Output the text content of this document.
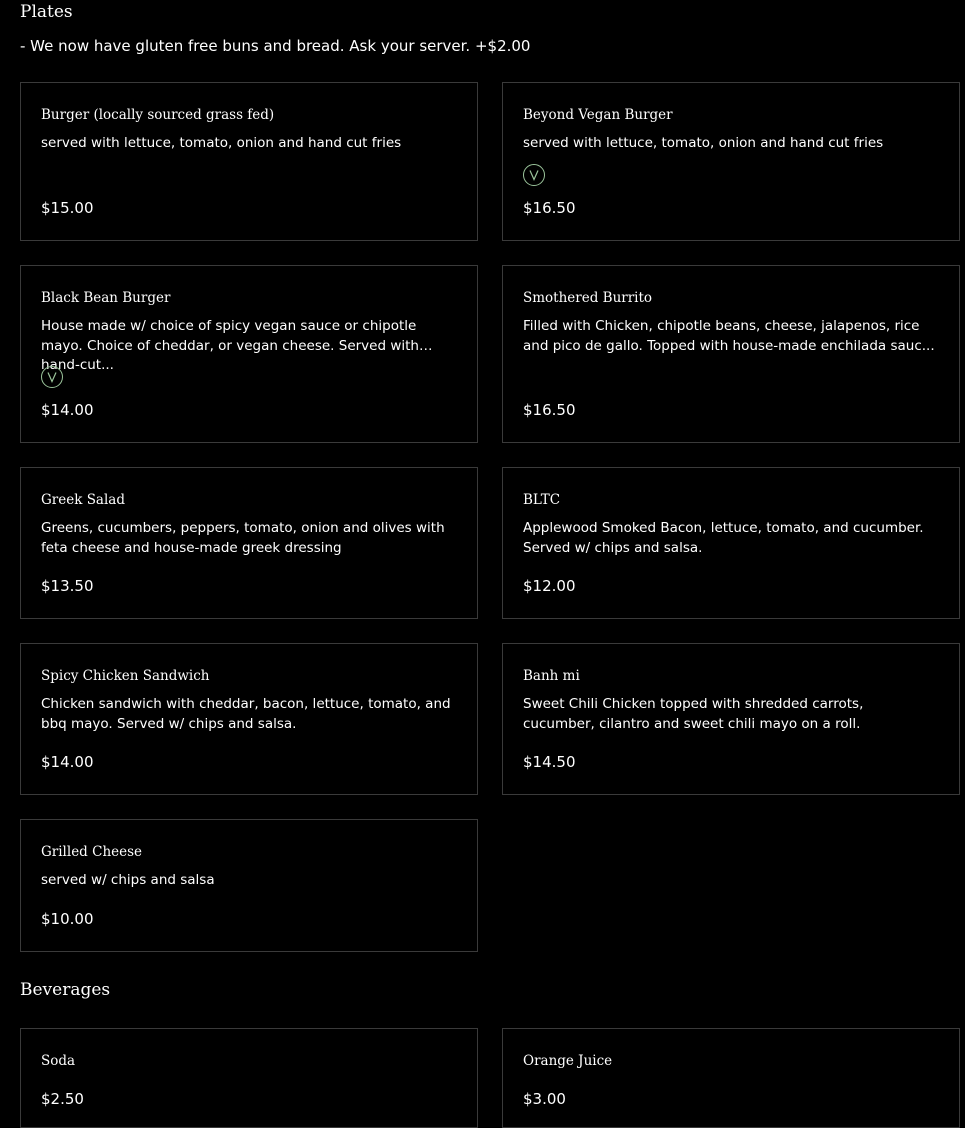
Plates

- We now have gluten free buns and bread. Ask your server. +$2.00

Burger (locally sourced grass fed)

served with lettuce, tomato, onion and hand cut fries

$15.00

Beyond Vegan Burger

served with lettuce, tomato, onion and hand cut fries

$16.50

Black Bean Burger

House made w/ choice of spicy vegan sauce or chipotle mayo. Choice of cheddar, or vegan cheese. Served with hand-cut...

$14.00

Smothered Burrito

Filled with Chicken, chipotle beans, cheese, jalapenos, rice and pico de gallo. Topped with house-made enchilada sauc...

$16.50

Greek Salad

Greens, cucumbers, peppers, tomato, onion and olives with feta cheese and house-made greek dressing

$13.50

BLTC

Applewood Smoked Bacon, lettuce, tomato, and cucumber. Served w/ chips and salsa.

$12.00

Spicy Chicken Sandwich

Chicken sandwich with cheddar, bacon, lettuce, tomato, and bbq mayo. Served w/ chips and salsa.

$14.00

Banh mi

Sweet Chili Chicken topped with shredded carrots, cucumber, cilantro and sweet chili mayo on a roll.

$14.50

Grilled Cheese

served w/ chips and salsa

$10.00

Beverages

Soda

$2.50

Orange Juice

$3.00
